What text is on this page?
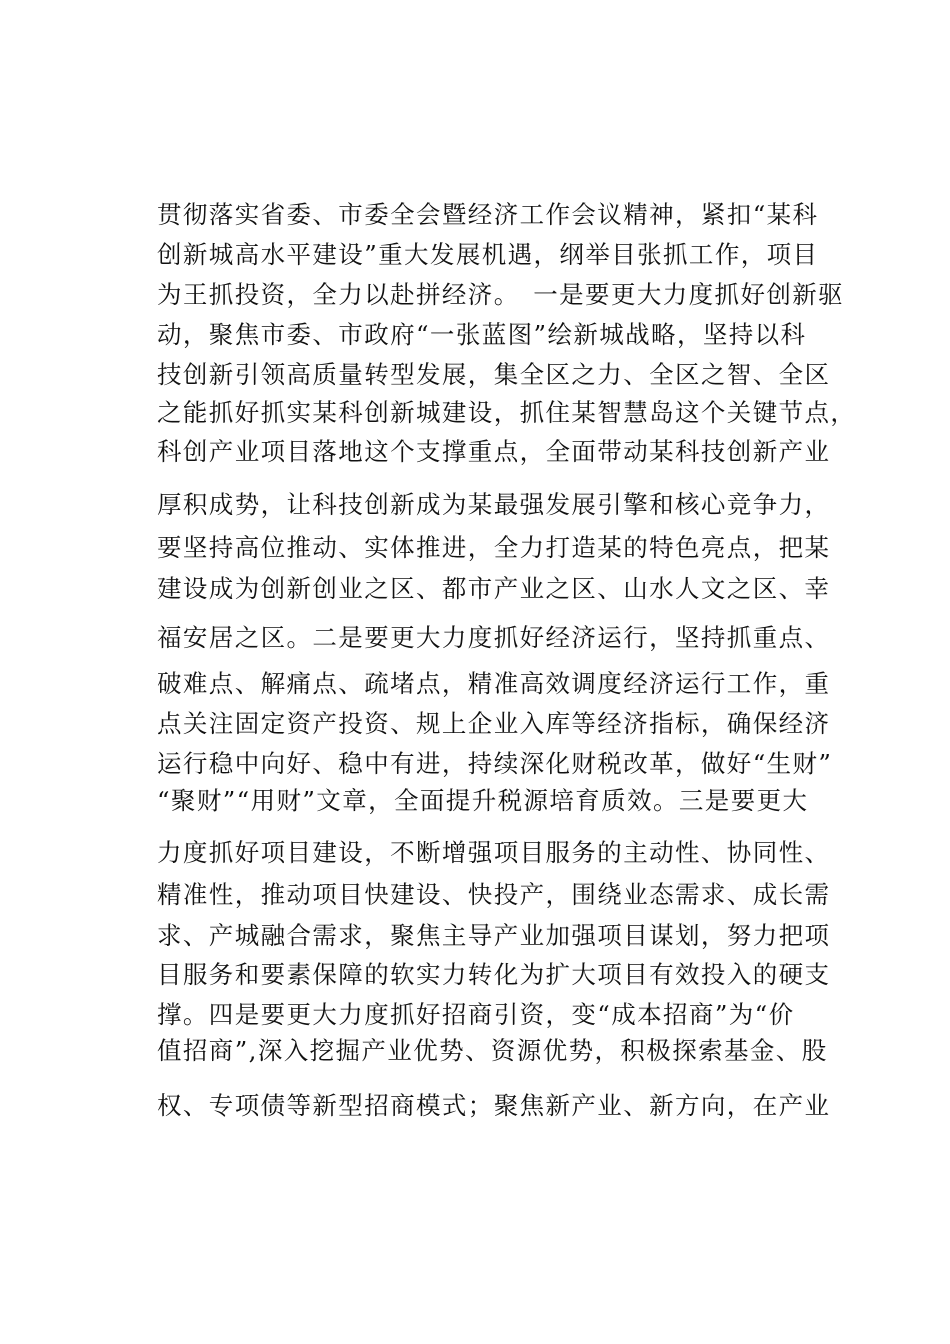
贯彻落实省委、市委全会暨经济工作会议精神，紧扣“某科
创新城高水平建设”重大发展机遇，纲举目张抓工作，项目
为王抓投资，全力以赴拼经济。　一是要更大力度抓好创新驱
动，聚焦市委、市政府“一张蓝图”绘新城战略，坚持以科
技创新引领高质量转型发展，集全区之力、全区之智、全区
之能抓好抓实某科创新城建设，抓住某智慧岛这个关键节点，
科创产业项目落地这个支撑重点，全面带动某科技创新产业
厚积成势，让科技创新成为某最强发展引擎和核心竞争力，
要坚持高位推动、实体推进，全力打造某的特色亮点，把某
建设成为创新创业之区、都市产业之区、山水人文之区、幸
福安居之区。二是要更大力度抓好经济运行，坚持抓重点、
破难点、解痛点、疏堵点，精准高效调度经济运行工作，重
点关注固定资产投资、规上企业入库等经济指标，确保经济
运行稳中向好、稳中有进，持续深化财税改革，做好“生财”
“聚财”“用财”文章，全面提升税源培育质效。三是要更大
力度抓好项目建设，不断增强项目服务的主动性、协同性、
精准性，推动项目快建设、快投产，围绕业态需求、成长需
求、产城融合需求，聚焦主导产业加强项目谋划，努力把项
目服务和要素保障的软实力转化为扩大项目有效投入的硬支
撑。四是要更大力度抓好招商引资，变“成本招商”为“价
值招商”,深入挖掘产业优势、资源优势，积极探索基金、股
权、专项债等新型招商模式；聚焦新产业、新方向，在产业
